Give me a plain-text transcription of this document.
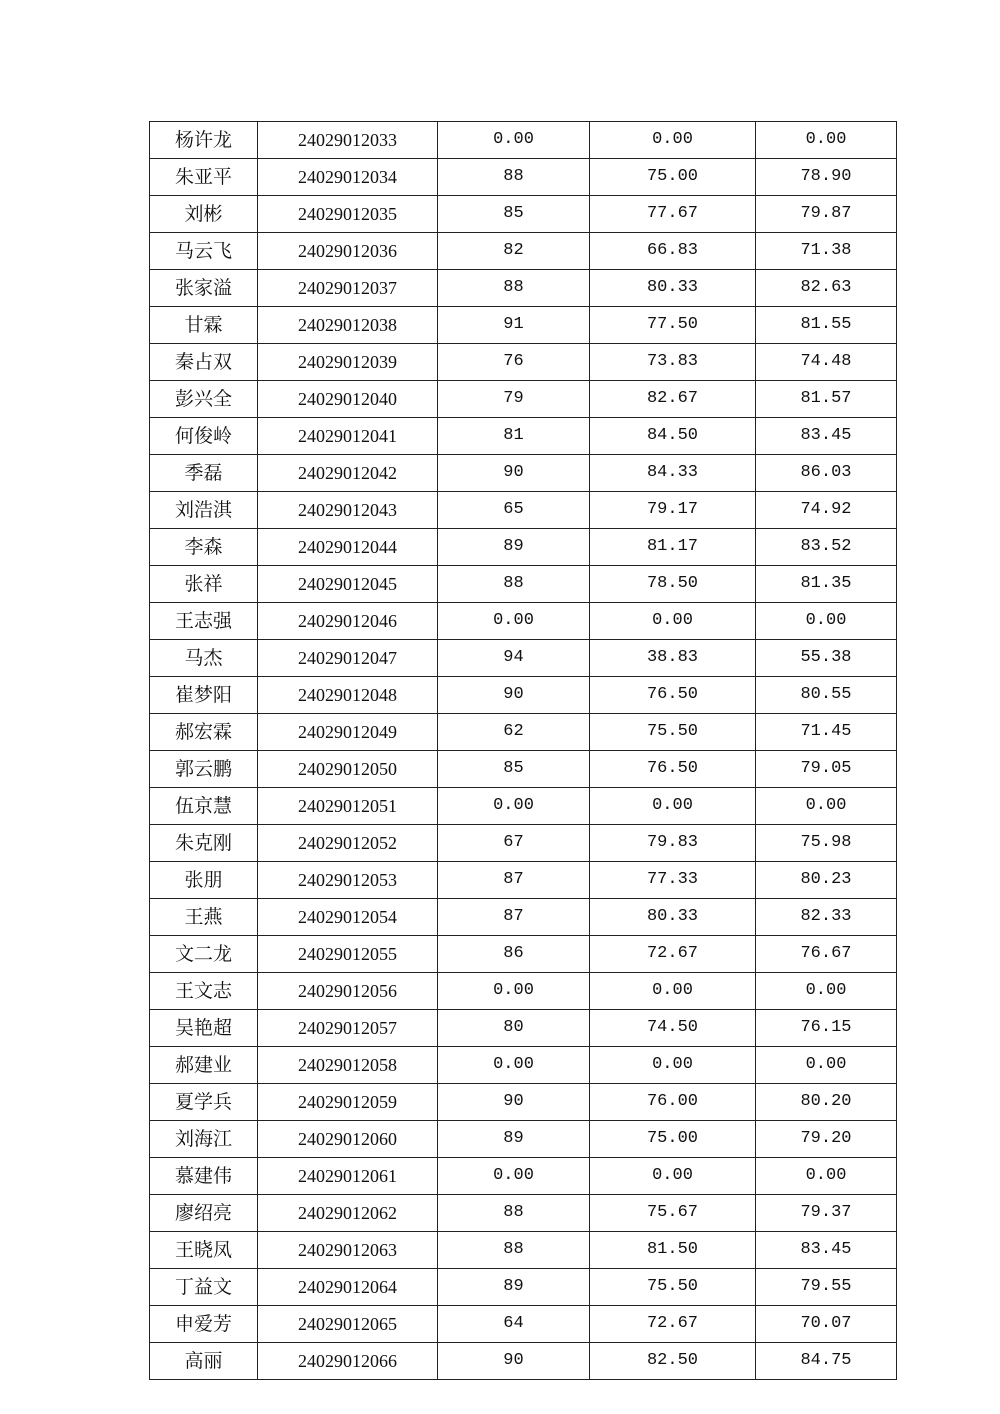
杨许龙	24029012033	0.00	0.00	0.00
朱亚平	24029012034	88	75.00	78.90
刘彬	24029012035	85	77.67	79.87
马云飞	24029012036	82	66.83	71.38
张家溢	24029012037	88	80.33	82.63
甘霖	24029012038	91	77.50	81.55
秦占双	24029012039	76	73.83	74.48
彭兴全	24029012040	79	82.67	81.57
何俊岭	24029012041	81	84.50	83.45
季磊	24029012042	90	84.33	86.03
刘浩淇	24029012043	65	79.17	74.92
李森	24029012044	89	81.17	83.52
张祥	24029012045	88	78.50	81.35
王志强	24029012046	0.00	0.00	0.00
马杰	24029012047	94	38.83	55.38
崔梦阳	24029012048	90	76.50	80.55
郝宏霖	24029012049	62	75.50	71.45
郭云鹏	24029012050	85	76.50	79.05
伍京慧	24029012051	0.00	0.00	0.00
朱克刚	24029012052	67	79.83	75.98
张朋	24029012053	87	77.33	80.23
王燕	24029012054	87	80.33	82.33
文二龙	24029012055	86	72.67	76.67
王文志	24029012056	0.00	0.00	0.00
吴艳超	24029012057	80	74.50	76.15
郝建业	24029012058	0.00	0.00	0.00
夏学兵	24029012059	90	76.00	80.20
刘海江	24029012060	89	75.00	79.20
慕建伟	24029012061	0.00	0.00	0.00
廖绍亮	24029012062	88	75.67	79.37
王晓凤	24029012063	88	81.50	83.45
丁益文	24029012064	89	75.50	79.55
申爱芳	24029012065	64	72.67	70.07
高丽	24029012066	90	82.50	84.75
